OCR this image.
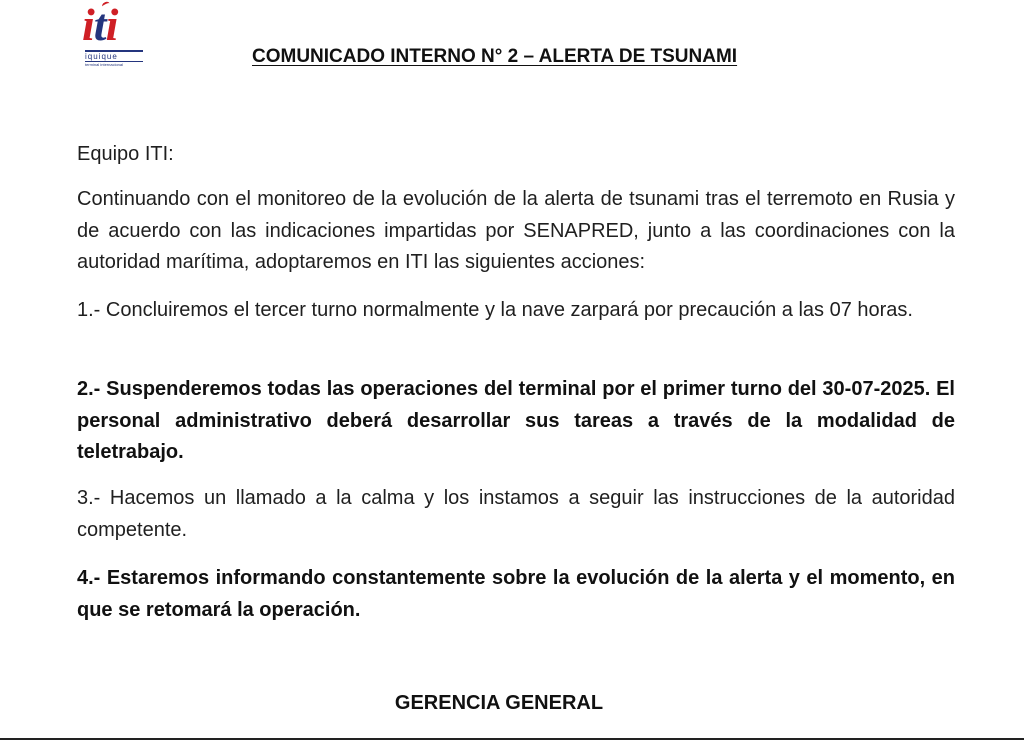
iti
iquique
terminal internacional	COMUNICADO INTERNO N° 2 – ALERTA DE TSUNAMI

Equipo ITI:

Continuando con el monitoreo de la evolución de la alerta de tsunami tras el terremoto en Rusia y de acuerdo con las indicaciones impartidas por SENAPRED, junto a las coordinaciones con la autoridad marítima, adoptaremos en ITI las siguientes acciones:

1.- Concluiremos el tercer turno normalmente y la nave zarpará por precaución a las 07 horas.

2.- Suspenderemos todas las operaciones del terminal por el primer turno del 30-07-2025. El personal administrativo deberá desarrollar sus tareas a través de la modalidad de teletrabajo.

3.- Hacemos un llamado a la calma y los instamos a seguir las instrucciones de la autoridad competente.

4.- Estaremos informando constantemente sobre la evolución de la alerta y el momento, en que se retomará la operación.

GERENCIA GENERAL
